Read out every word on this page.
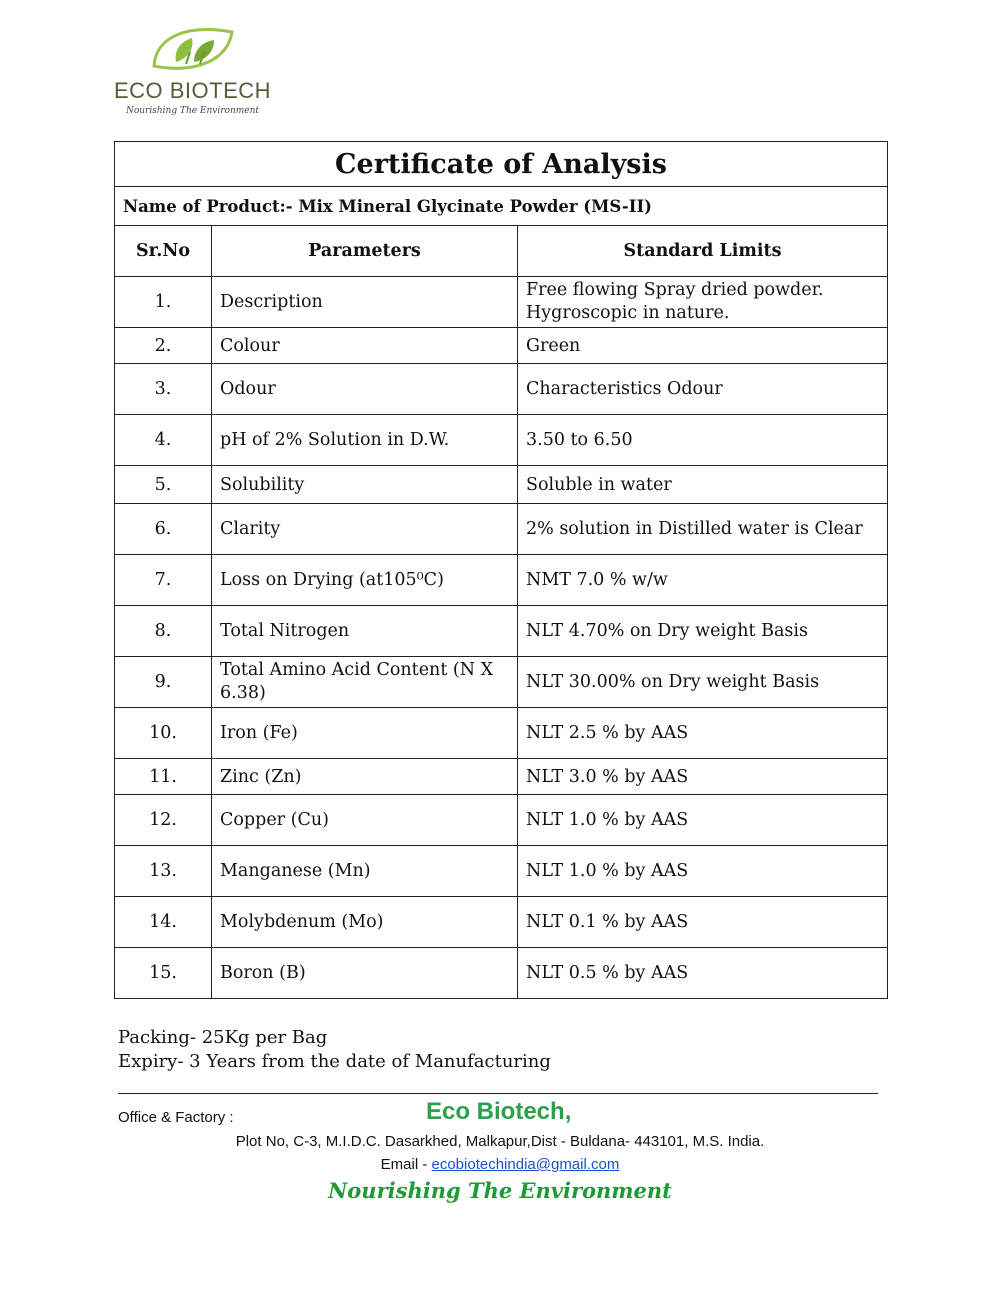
ECO BIOTECH
Nourishing The Environment
Certificate of Analysis		
Name of Product:- Mix Mineral Glycinate Powder (MS-II)		
Sr.No	Parameters	Standard Limits
1.	Description	Free flowing Spray dried powder. Hygroscopic in nature.
2.	Colour	Green
3.	Odour	Characteristics Odour
4.	pH of 2% Solution in D.W.	3.50 to 6.50
5.	Solubility	Soluble in water
6.	Clarity	2% solution in Distilled water is Clear
7.	Loss on Drying (at105⁰C)	NMT 7.0 % w/w
8.	Total Nitrogen	NLT 4.70% on Dry weight Basis
9.	Total Amino Acid Content (N X 6.38)	NLT 30.00% on Dry weight Basis
10.	Iron (Fe)	NLT 2.5 % by AAS
11.	Zinc (Zn)	NLT 3.0 % by AAS
12.	Copper (Cu)	NLT 1.0 % by AAS
13.	Manganese (Mn)	NLT 1.0 % by AAS
14.	Molybdenum (Mo)	NLT 0.1 % by AAS
15.	Boron (B)	NLT 0.5 % by AAS
Packing- 25Kg per Bag
Expiry- 3 Years from the date of Manufacturing
Office & Factory :	Eco Biotech,
Plot No, C-3, M.I.D.C. Dasarkhed, Malkapur,Dist - Buldana- 443101, M.S. India.
Email - ecobiotechindia@gmail.com
Nourishing The Environment
